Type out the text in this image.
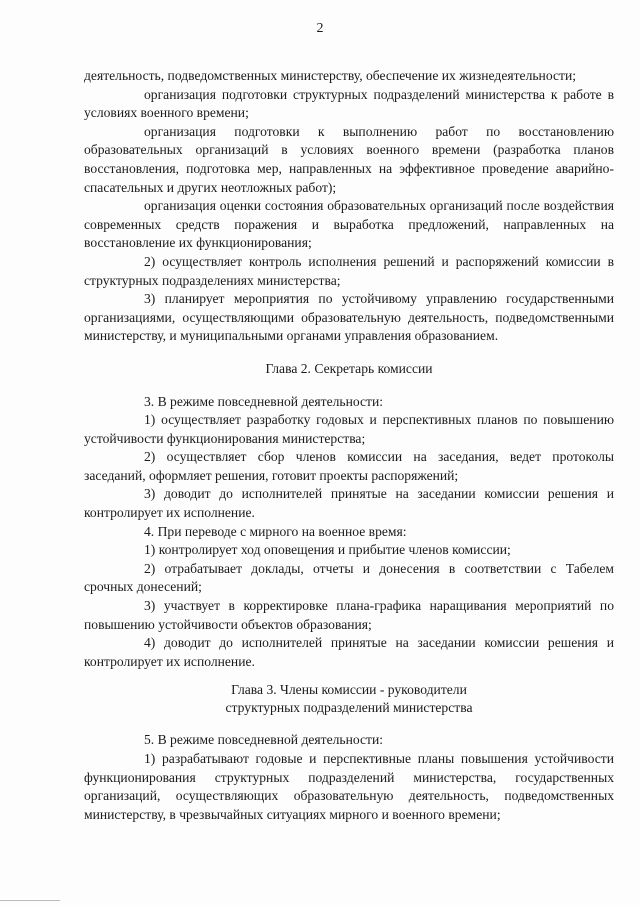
2

деятельность, подведомственных министерству, обеспечение их жизнедеятельности;

организация подготовки структурных подразделений министерства к работе в условиях военного времени;

организация подготовки к выполнению работ по восстановлению образовательных организаций в условиях военного времени (разработка планов восстановления, подготовка мер, направленных на эффективное проведение аварийно-спасательных и других неотложных работ);

организация оценки состояния образовательных организаций после воздействия современных средств поражения и выработка предложений, направленных на восстановление их функционирования;

2) осуществляет контроль исполнения решений и распоряжений комиссии в структурных подразделениях министерства;

3) планирует мероприятия по устойчивому управлению государственными организациями, осуществляющими образовательную деятельность, подведомственными министерству, и муниципальными органами управления образованием.

Глава 2. Секретарь комиссии

3. В режиме повседневной деятельности:

1) осуществляет разработку годовых и перспективных планов по повышению устойчивости функционирования министерства;

2) осуществляет сбор членов комиссии на заседания, ведет протоколы заседаний, оформляет решения, готовит проекты распоряжений;

3) доводит до исполнителей принятые на заседании комиссии решения и контролирует их исполнение.

4. При переводе с мирного на военное время:

1) контролирует ход оповещения и прибытие членов комиссии;

2) отрабатывает доклады, отчеты и донесения в соответствии с Табелем срочных донесений;

3) участвует в корректировке плана-графика наращивания мероприятий по повышению устойчивости объектов образования;

4) доводит до исполнителей принятые на заседании комиссии решения и контролирует их исполнение.

Глава 3. Члены комиссии - руководители
структурных подразделений министерства

5. В режиме повседневной деятельности:

1) разрабатывают годовые и перспективные планы повышения устойчивости функционирования структурных подразделений министерства, государственных организаций, осуществляющих образовательную деятельность, подведомственных министерству, в чрезвычайных ситуациях мирного и военного времени;
